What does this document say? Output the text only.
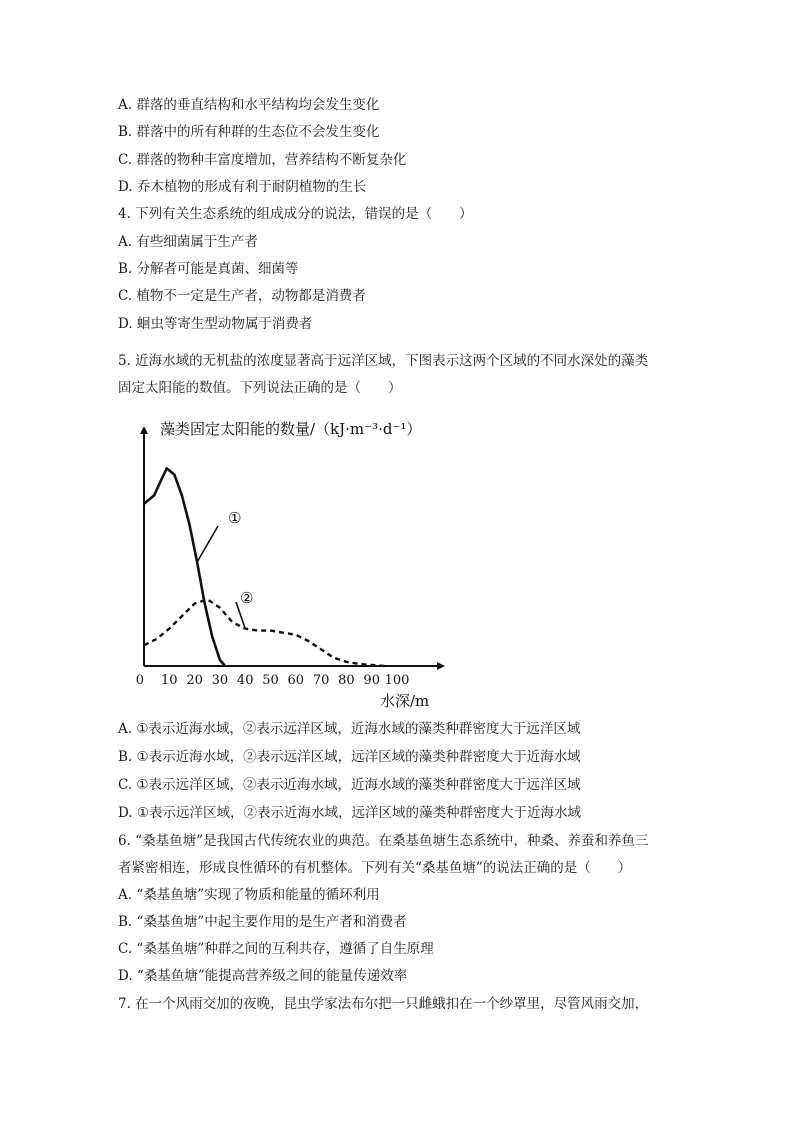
A. 群落的垂直结构和水平结构均会发生变化
B. 群落中的所有种群的生态位不会发生变化
C. 群落的物种丰富度增加，营养结构不断复杂化
D. 乔木植物的形成有利于耐阴植物的生长
4. 下列有关生态系统的组成成分的说法，错误的是（　　）
A. 有些细菌属于生产者
B. 分解者可能是真菌、细菌等
C. 植物不一定是生产者，动物都是消费者
D. 蛔虫等寄生型动物属于消费者
5. 近海水域的无机盐的浓度显著高于远洋区域，下图表示这两个区域的不同水深处的藻类
固定太阳能的数值。下列说法正确的是（　　）
藻类固定太阳能的数量/（kJ·m⁻³·d⁻¹）
水深/m
0 10 20 30 40 50 60 70 80 90 100
①
②
A. ①表示近海水域，②表示远洋区域，近海水域的藻类种群密度大于远洋区域
B. ①表示近海水域，②表示远洋区域，远洋区域的藻类种群密度大于近海水域
C. ①表示远洋区域，②表示近海水域，近海水域的藻类种群密度大于远洋区域
D. ①表示远洋区域，②表示近海水域，远洋区域的藻类种群密度大于近海水域
6. “桑基鱼塘”是我国古代传统农业的典范。在桑基鱼塘生态系统中，种桑、养蚕和养鱼三
者紧密相连，形成良性循环的有机整体。下列有关“桑基鱼塘”的说法正确的是（　　）
A. “桑基鱼塘”实现了物质和能量的循环利用
B. “桑基鱼塘”中起主要作用的是生产者和消费者
C. “桑基鱼塘”种群之间的互利共存，遵循了自生原理
D. “桑基鱼塘”能提高营养级之间的能量传递效率
7. 在一个风雨交加的夜晚，昆虫学家法布尔把一只雌蛾扣在一个纱罩里，尽管风雨交加，
